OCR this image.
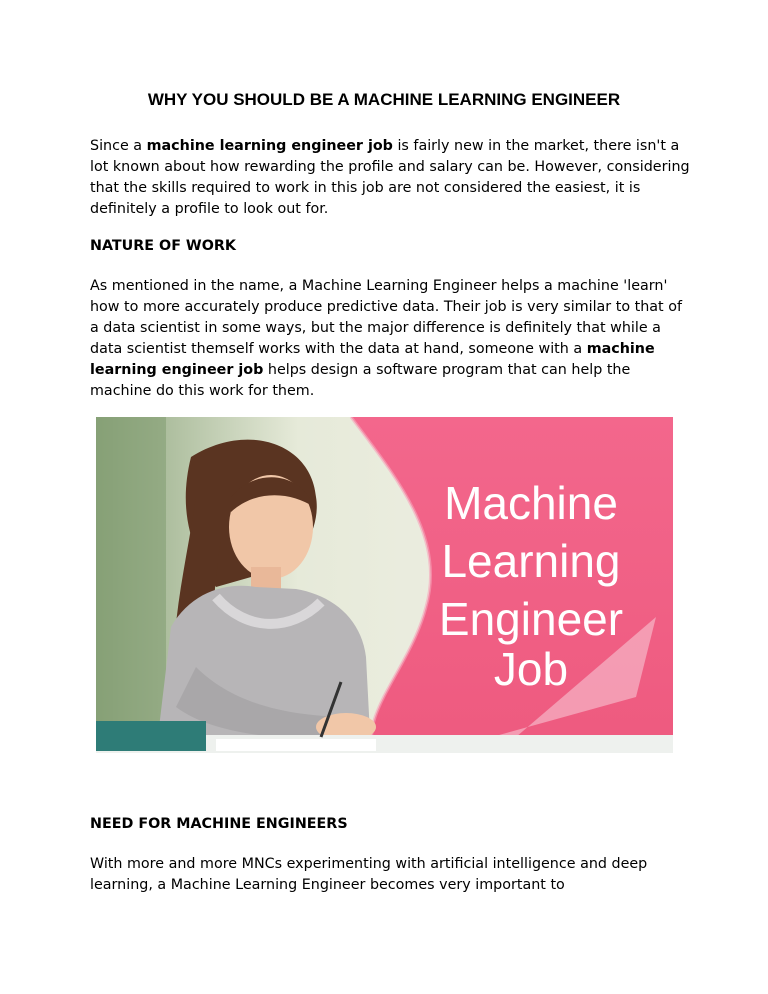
WHY YOU SHOULD BE A MACHINE LEARNING ENGINEER

Since a machine learning engineer job is fairly new in the market, there isn't a lot known about how rewarding the profile and salary can be. However, considering that the skills required to work in this job are not considered the easiest, it is definitely a profile to look out for.

NATURE OF WORK

As mentioned in the name, a Machine Learning Engineer helps a machine 'learn' how to more accurately produce predictive data. Their job is very similar to that of a data scientist in some ways, but the major difference is definitely that while a data scientist themself works with the data at hand, someone with a machine learning engineer job helps design a software program that can help the machine do this work for them.

Machine
Learning
Engineer
Job
NEED FOR MACHINE ENGINEERS

With more and more MNCs experimenting with artificial intelligence and deep learning, a Machine Learning Engineer becomes very important to
